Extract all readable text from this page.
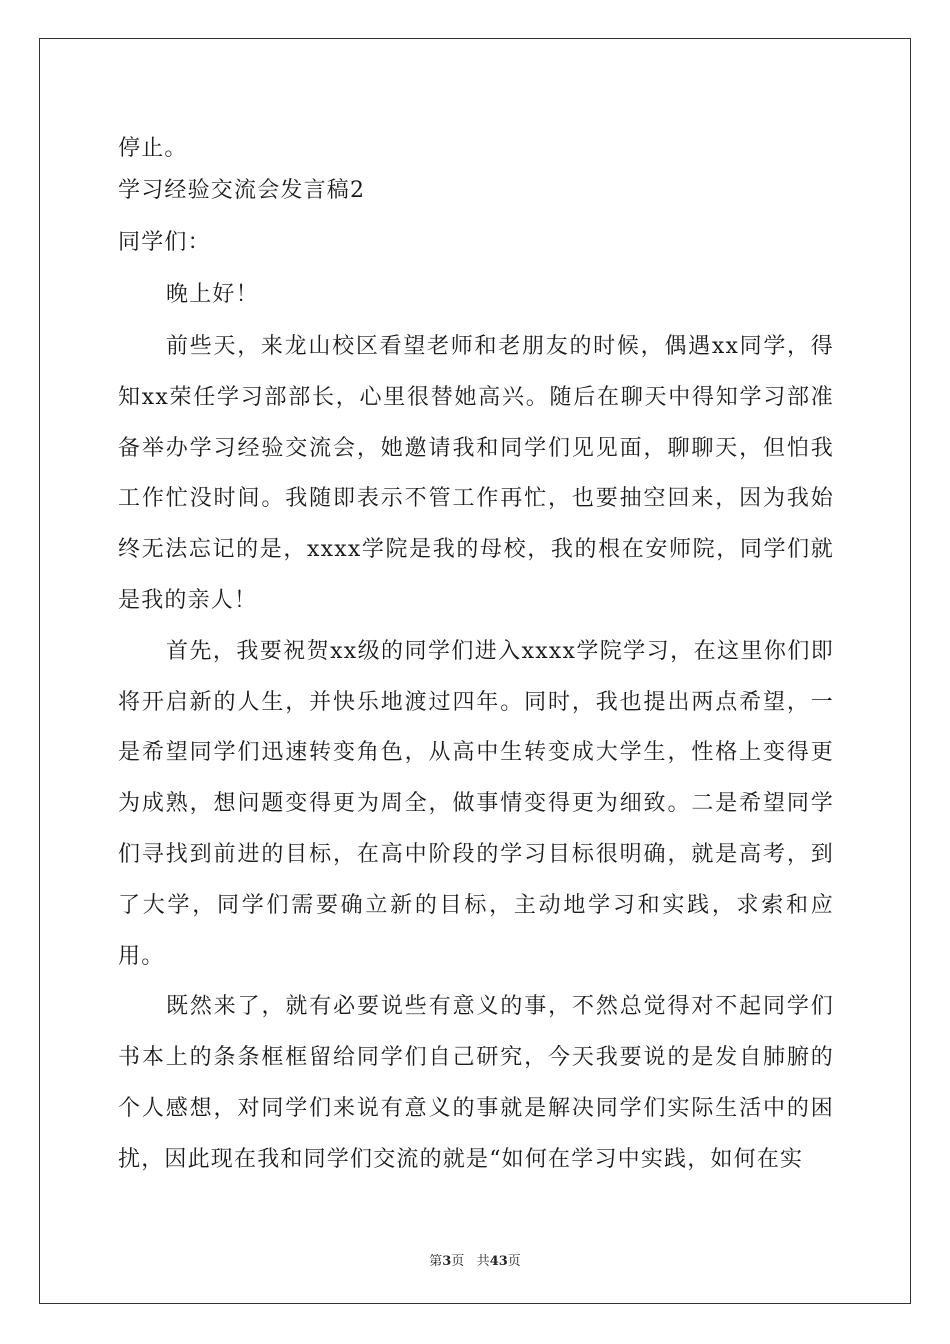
停止。
学习经验交流会发言稿2
同学们：
晚上好！

前些天，来龙山校区看望老师和老朋友的时候，偶遇xx同学，得知xx荣任学习部部长，心里很替她高兴。随后在聊天中得知学习部准备举办学习经验交流会，她邀请我和同学们见见面，聊聊天，但怕我工作忙没时间。我随即表示不管工作再忙，也要抽空回来，因为我始终无法忘记的是，xxxx学院是我的母校，我的根在安师院，同学们就是我的亲人！

首先，我要祝贺xx级的同学们进入xxxx学院学习，在这里你们即将开启新的人生，并快乐地渡过四年。同时，我也提出两点希望，一是希望同学们迅速转变角色，从高中生转变成大学生，性格上变得更为成熟，想问题变得更为周全，做事情变得更为细致。二是希望同学们寻找到前进的目标，在高中阶段的学习目标很明确，就是高考，到了大学，同学们需要确立新的目标，主动地学习和实践，求索和应用。

既然来了，就有必要说些有意义的事，不然总觉得对不起同学们书本上的条条框框留给同学们自己研究，今天我要说的是发自肺腑的个人感想，对同学们来说有意义的事就是解决同学们实际生活中的困扰，因此现在我和同学们交流的就是“如何在学习中实践，如何在实

第3页 共43页
